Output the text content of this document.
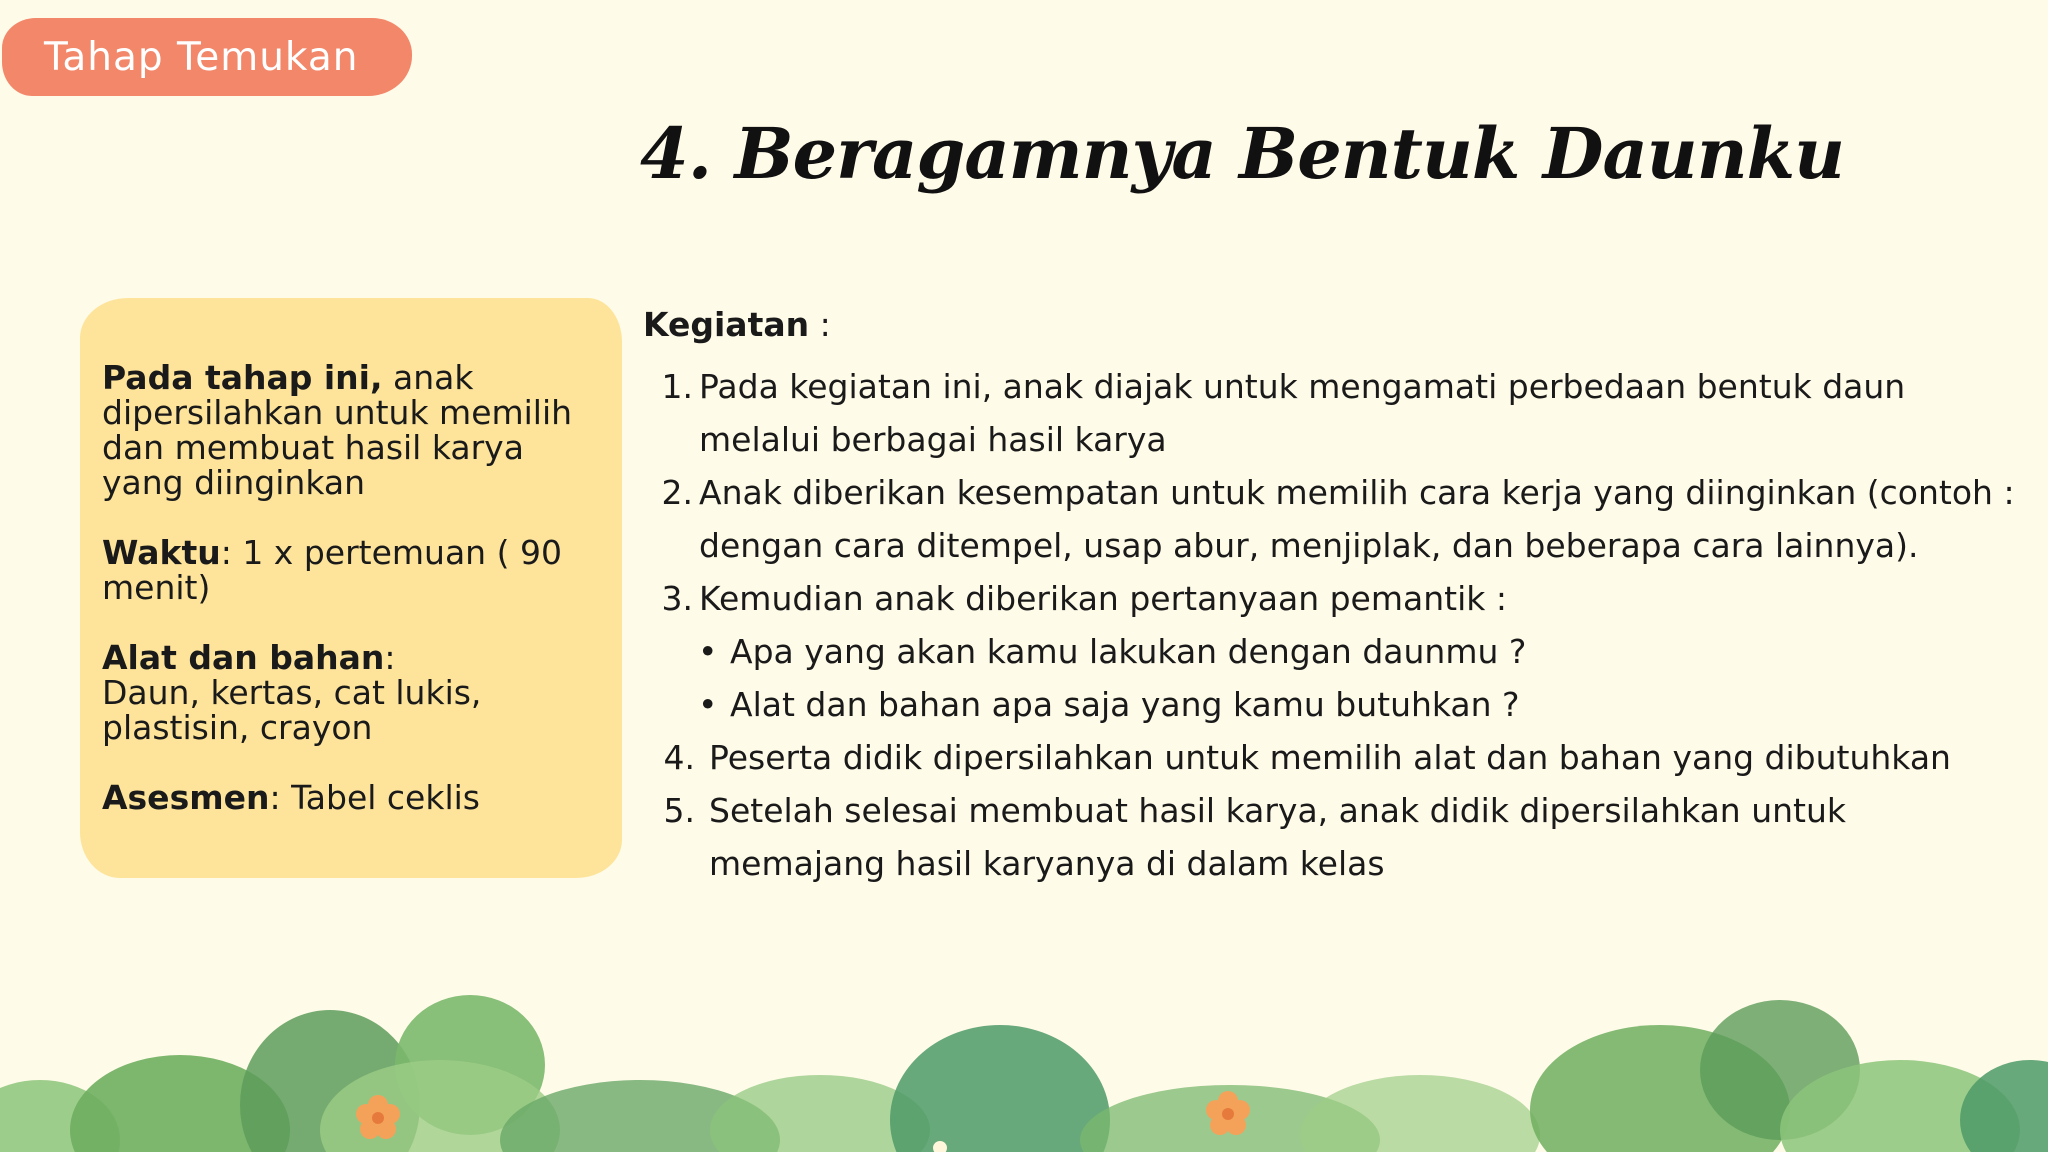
Tahap Temukan
4. Beragamnya Bentuk Daunku

Pada tahap ini, anak dipersilahkan untuk memilih dan membuat hasil karya yang diinginkan

Waktu: 1 x pertemuan ( 90 menit)

Alat dan bahan:
Daun, kertas, cat lukis, plastisin, crayon

Asesmen: Tabel ceklis

Kegiatan :
1. Pada kegiatan ini, anak diajak untuk mengamati perbedaan bentuk daun melalui berbagai hasil karya
2. Anak diberikan kesempatan untuk memilih cara kerja yang diinginkan (contoh : dengan cara ditempel, usap abur, menjiplak, dan beberapa cara lainnya).
3. Kemudian anak diberikan pertanyaan pemantik :
• Apa yang akan kamu lakukan dengan daunmu ?
• Alat dan bahan apa saja yang kamu butuhkan ?
4. Peserta didik dipersilahkan untuk memilih alat dan bahan yang dibutuhkan
5. Setelah selesai membuat hasil karya, anak didik dipersilahkan untuk memajang hasil karyanya di dalam kelas
